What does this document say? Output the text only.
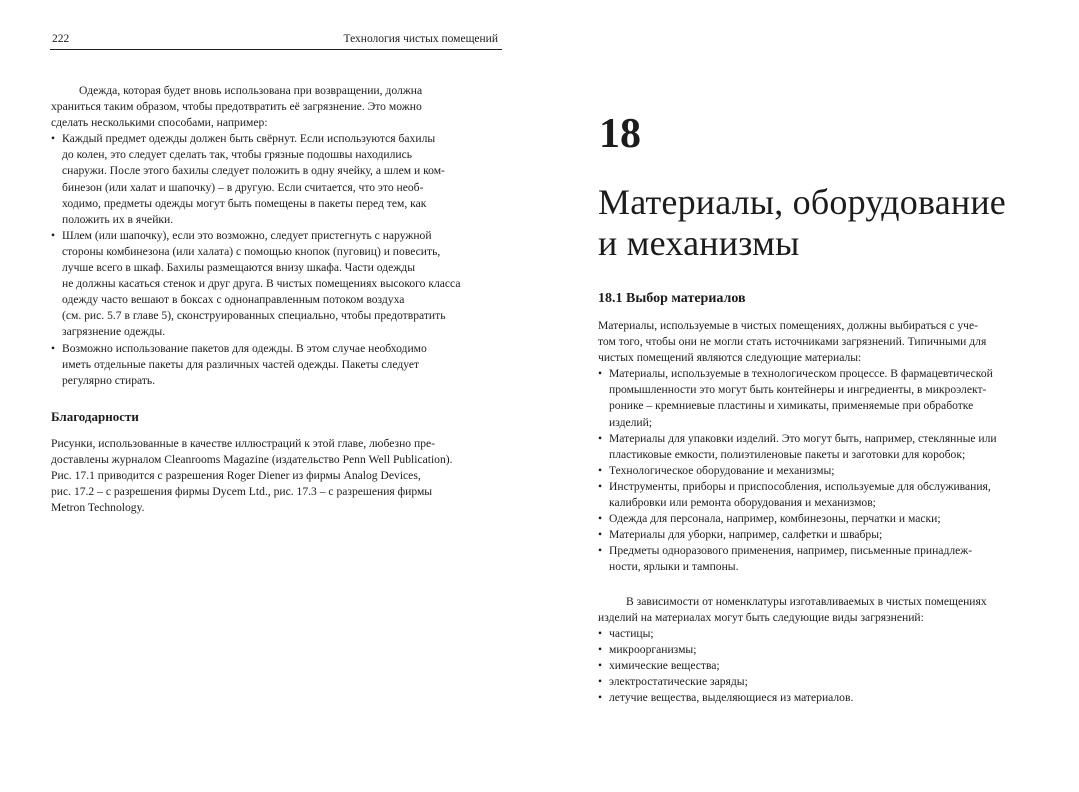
222	Технология чистых помещений

Одежда, которая будет вновь использована при возвращении, должна
храниться таким образом, чтобы предотвратить её загрязнение. Это можно
сделать несколькими способами, например:

• Каждый предмет одежды должен быть свёрнут. Если используются бахилы
до колен, это следует сделать так, чтобы грязные подошвы находились
снаружи. После этого бахилы следует положить в одну ячейку, а шлем и ком-
бинезон (или халат и шапочку) – в другую. Если считается, что это необ-
ходимо, предметы одежды могут быть помещены в пакеты перед тем, как
положить их в ячейки.
• Шлем (или шапочку), если это возможно, следует пристегнуть с наружной
стороны комбинезона (или халата) с помощью кнопок (пуговиц) и повесить,
лучше всего в шкаф. Бахилы размещаются внизу шкафа. Части одежды
не должны касаться стенок и друг друга. В чистых помещениях высокого класса
одежду часто вешают в боксах с однонаправленным потоком воздуха
(см. рис. 5.7 в главе 5), сконструированных специально, чтобы предотвратить
загрязнение одежды.
• Возможно использование пакетов для одежды. В этом случае необходимо
иметь отдельные пакеты для различных частей одежды. Пакеты следует
регулярно стирать.
Благодарности

Рисунки, использованные в качестве иллюстраций к этой главе, любезно пре-
доставлены журналом Cleanrooms Magazine (издательство Penn Well Publication).
Рис. 17.1 приводится с разрешения Roger Diener из фирмы Analog Devices,
рис. 17.2 – с разрешения фирмы Dycem Ltd., рис. 17.3 – с разрешения фирмы
Metron Technology.

18
Материалы, оборудование
и механизмы
18.1 Выбор материалов

Материалы, используемые в чистых помещениях, должны выбираться с уче-
том того, чтобы они не могли стать источниками загрязнений. Типичными для
чистых помещений являются следующие материалы:

• Материалы, используемые в технологическом процессе. В фармацевтической
промышленности это могут быть контейнеры и ингредиенты, в микроэлект-
ронике – кремниевые пластины и химикаты, применяемые при обработке
изделий;
• Материалы для упаковки изделий. Это могут быть, например, стеклянные или
пластиковые емкости, полиэтиленовые пакеты и заготовки для коробок;
• Технологическое оборудование и механизмы;
• Инструменты, приборы и приспособления, используемые для обслуживания,
калибровки или ремонта оборудования и механизмов;
• Одежда для персонала, например, комбинезоны, перчатки и маски;
• Материалы для уборки, например, салфетки и швабры;
• Предметы одноразового применения, например, письменные принадлеж-
ности, ярлыки и тампоны.

В зависимости от номенклатуры изготавливаемых в чистых помещениях
изделий на материалах могут быть следующие виды загрязнений:

• частицы;
• микроорганизмы;
• химические вещества;
• электростатические заряды;
• летучие вещества, выделяющиеся из материалов.
